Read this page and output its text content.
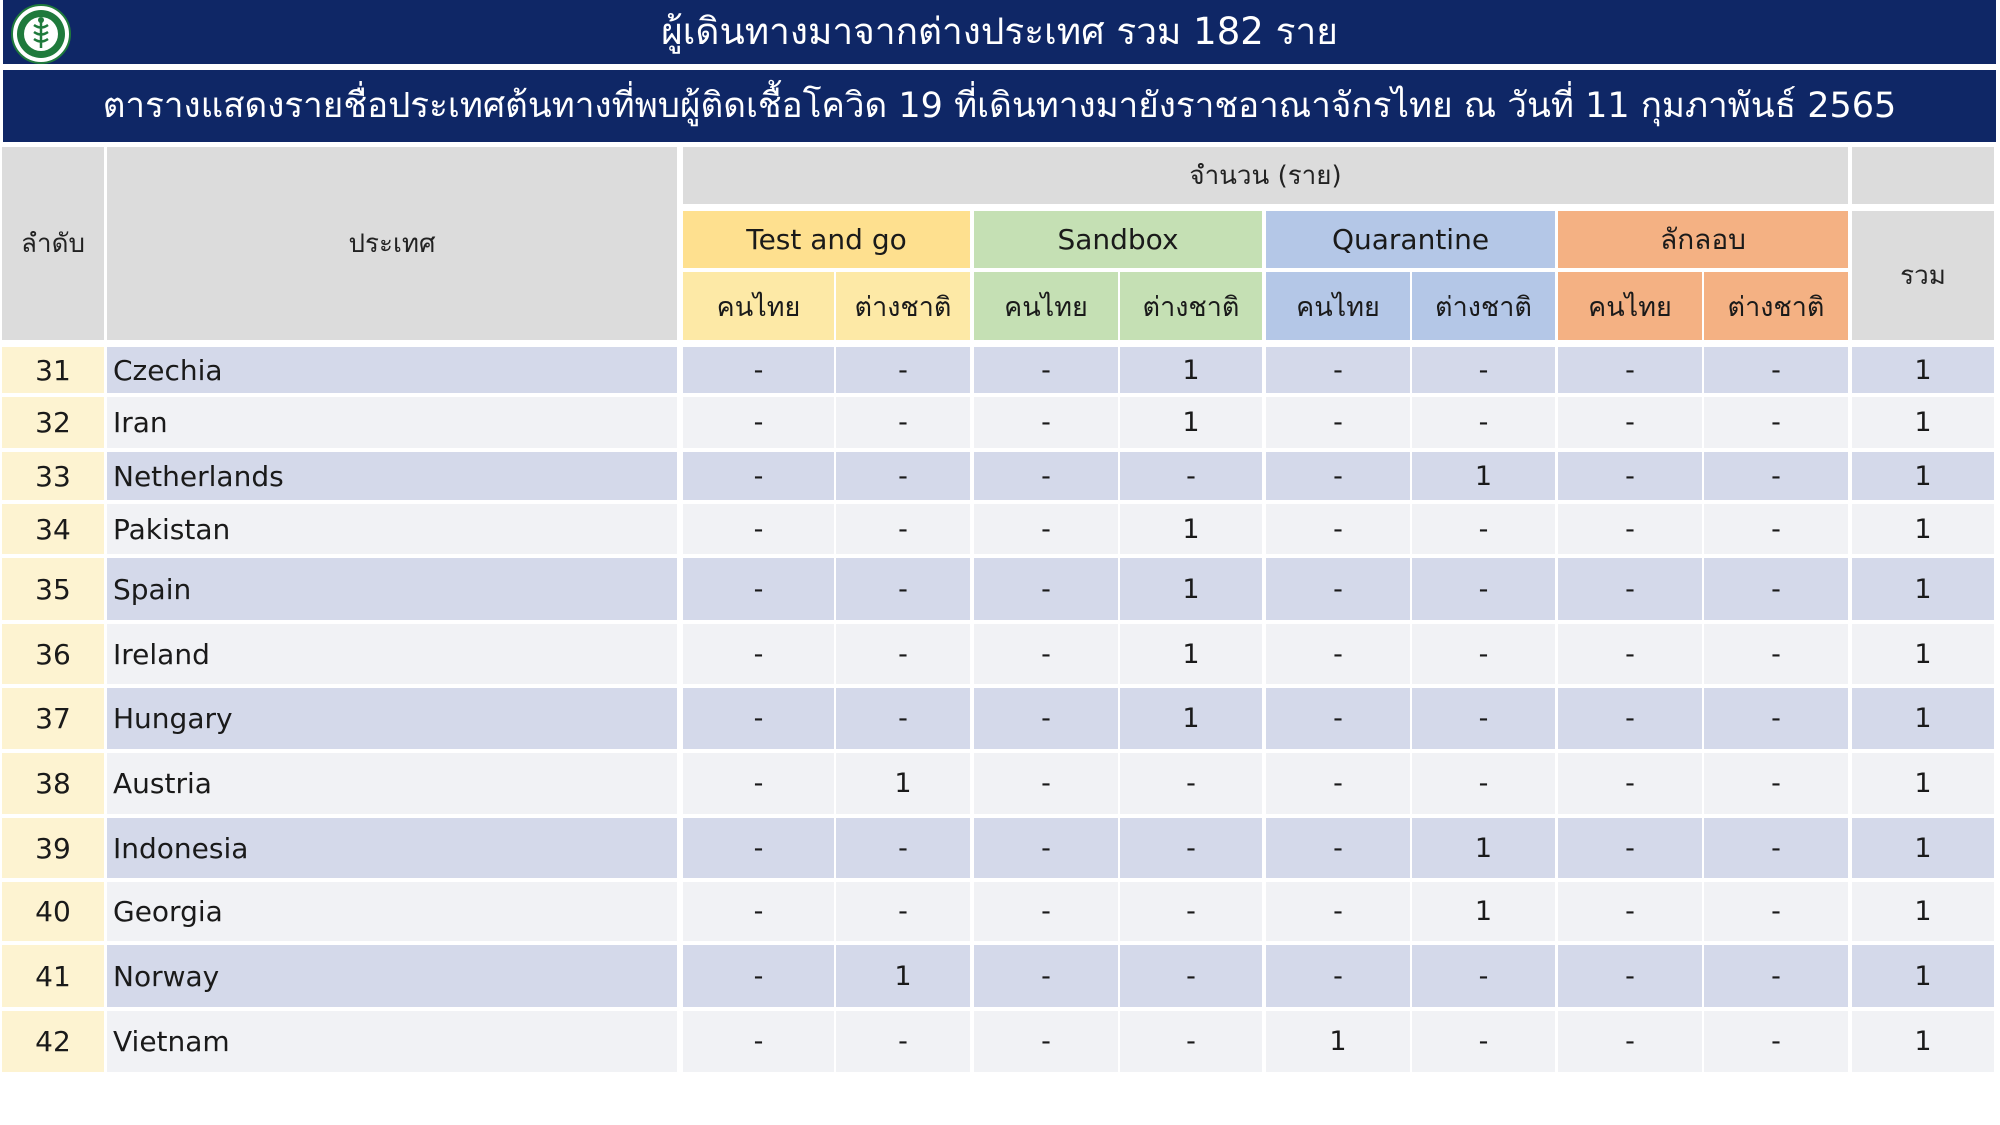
ผู้เดินทางมาจากต่างประเทศ รวม 182 ราย
ตารางแสดงรายชื่อประเทศต้นทางที่พบผู้ติดเชื้อโควิด 19 ที่เดินทางมายังราชอาณาจักรไทย ณ วันที่ 11 กุมภาพันธ์ 2565
ลำดับ	ประเทศ
จำนวน (ราย)
รวม
Test and go
คนไทย	ต่างชาติ
Sandbox
คนไทย	ต่างชาติ
Quarantine
คนไทย	ต่างชาติ
ลักลอบ
คนไทย	ต่างชาติ
31	Czechia	-	-	-	1	-	-	-	-	1
32	Iran	-	-	-	1	-	-	-	-	1
33	Netherlands	-	-	-	-	-	1	-	-	1
34	Pakistan	-	-	-	1	-	-	-	-	1
35	Spain	-	-	-	1	-	-	-	-	1
36	Ireland	-	-	-	1	-	-	-	-	1
37	Hungary	-	-	-	1	-	-	-	-	1
38	Austria	-	1	-	-	-	-	-	-	1
39	Indonesia	-	-	-	-	-	1	-	-	1
40	Georgia	-	-	-	-	-	1	-	-	1
41	Norway	-	1	-	-	-	-	-	-	1
42	Vietnam	-	-	-	-	1	-	-	-	1
